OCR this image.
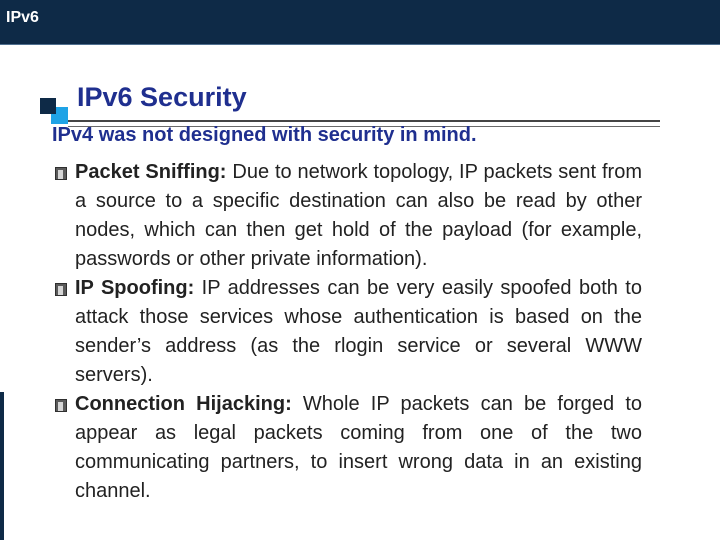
IPv6
IPv6 Security
IPv4 was not designed with security in mind.
Packet Sniffing: Due to network topology, IP packets sent from a source to a specific destination can also be read by other nodes, which can then get hold of the payload (for example, passwords or other private information).
IP Spoofing: IP addresses can be very easily spoofed both to attack those services whose authentication is based on the sender’s address (as the rlogin service or several WWW servers).
Connection Hijacking: Whole IP packets can be forged to appear as legal packets coming from one of the two communicating partners, to insert wrong data in an existing channel.
